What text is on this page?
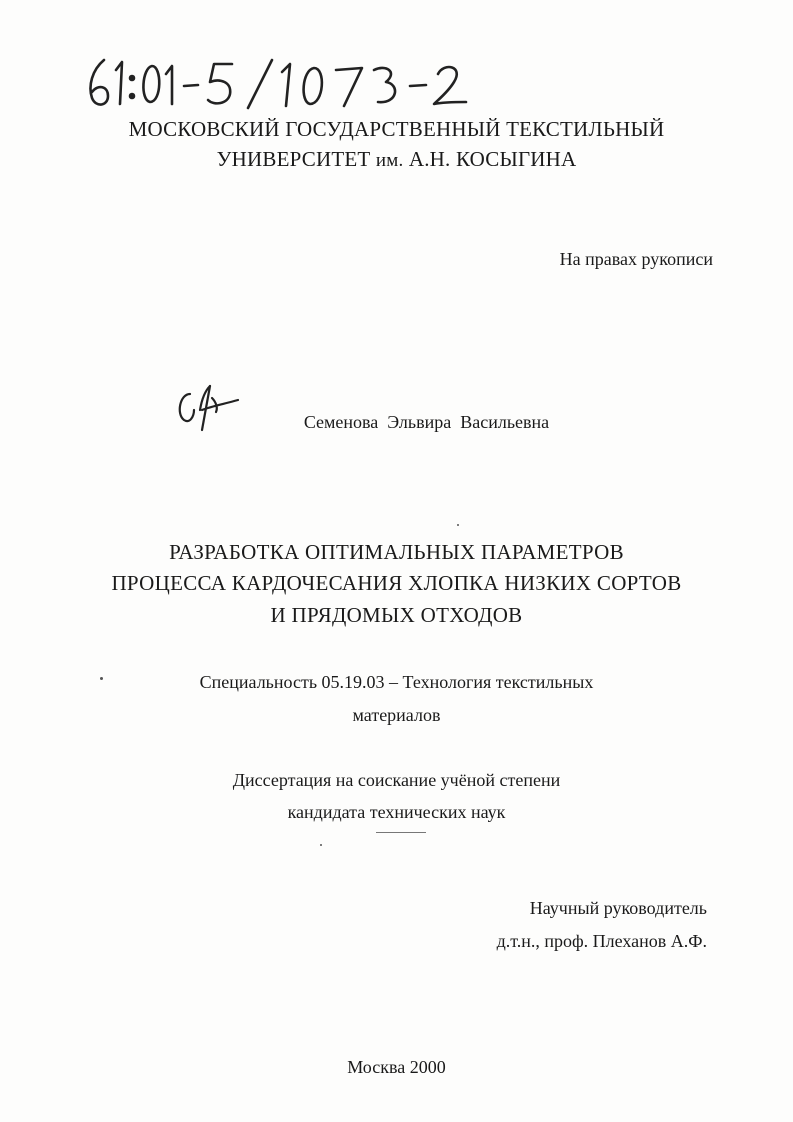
МОСКОВСКИЙ ГОСУДАРСТВЕННЫЙ ТЕКСТИЛЬНЫЙ
УНИВЕРСИТЕТ им. А.Н. КОСЫГИНА
На правах рукописи
Семенова  Эльвира  Васильевна
РАЗРАБОТКА ОПТИМАЛЬНЫХ ПАРАМЕТРОВ
ПРОЦЕССА КАРДОЧЕСАНИЯ ХЛОПКА НИЗКИХ СОРТОВ
И ПРЯДОМЫХ ОТХОДОВ
Специальность 05.19.03 – Технология текстильных
материалов
Диссертация на соискание учёной степени
кандидата технических наук
Научный руководитель
д.т.н., проф. Плеханов А.Ф.
Москва 2000
